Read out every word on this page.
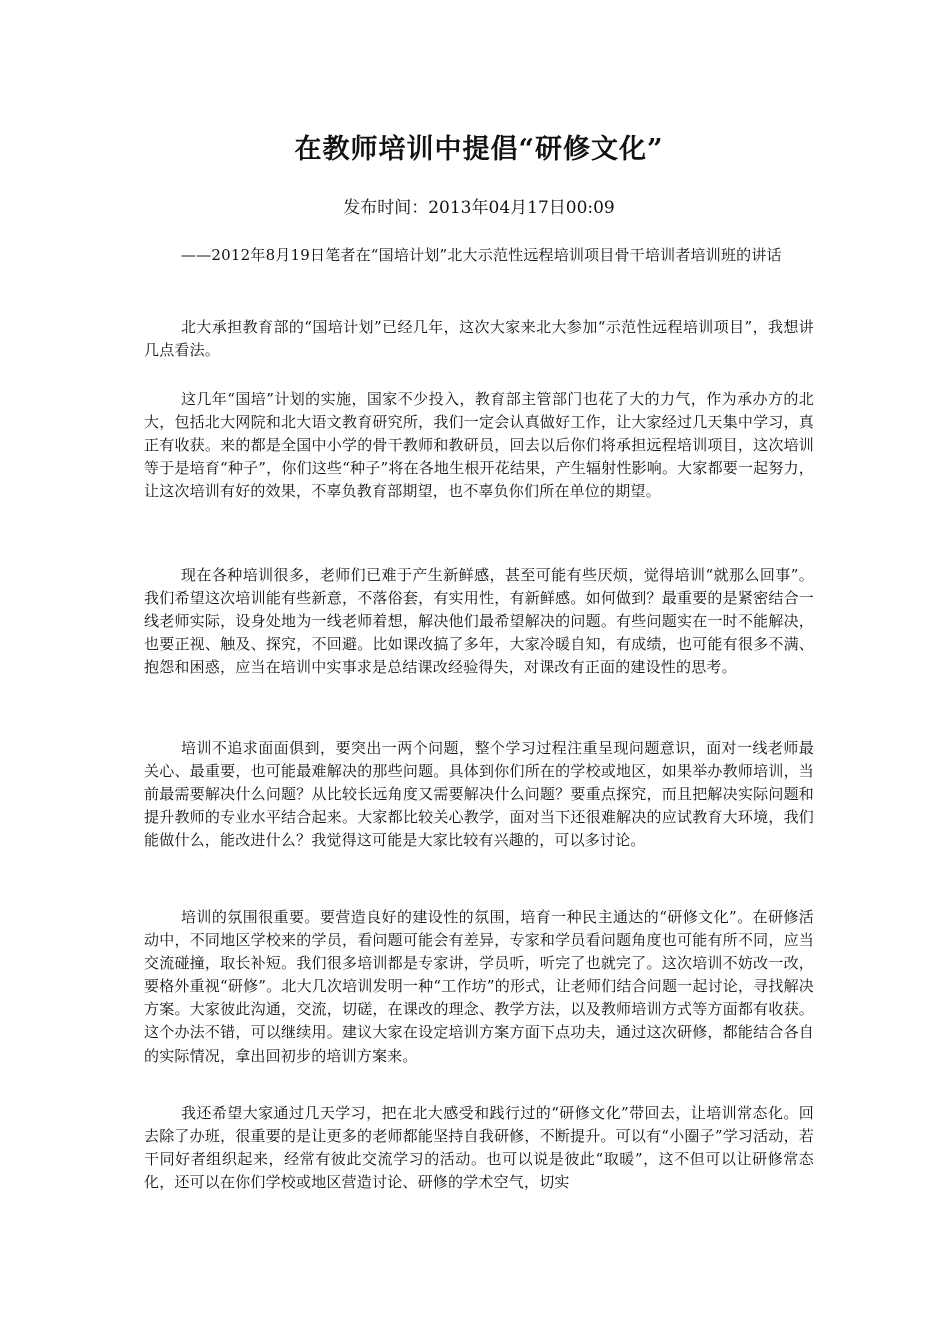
在教师培训中提倡“研修文化”

发布时间：2013年04月17日00:09

——2012年8月19日笔者在“国培计划”北大示范性远程培训项目骨干培训者培训班的讲话

北大承担教育部的“国培计划”已经几年，这次大家来北大参加“示范性远程培训项目”，我想讲几点看法。

这几年“国培”计划的实施，国家不少投入，教育部主管部门也花了大的力气，作为承办方的北大，包括北大网院和北大语文教育研究所，我们一定会认真做好工作，让大家经过几天集中学习，真正有收获。来的都是全国中小学的骨干教师和教研员，回去以后你们将承担远程培训项目，这次培训等于是培育“种子”，你们这些“种子”将在各地生根开花结果，产生辐射性影响。大家都要一起努力，让这次培训有好的效果，不辜负教育部期望，也不辜负你们所在单位的期望。

现在各种培训很多，老师们已难于产生新鲜感，甚至可能有些厌烦，觉得培训“就那么回事”。我们希望这次培训能有些新意，不落俗套，有实用性，有新鲜感。如何做到？最重要的是紧密结合一线老师实际，设身处地为一线老师着想，解决他们最希望解决的问题。有些问题实在一时不能解决，也要正视、触及、探究，不回避。比如课改搞了多年，大家冷暖自知，有成绩，也可能有很多不满、抱怨和困惑，应当在培训中实事求是总结课改经验得失，对课改有正面的建设性的思考。

培训不追求面面俱到，要突出一两个问题，整个学习过程注重呈现问题意识，面对一线老师最关心、最重要，也可能最难解决的那些问题。具体到你们所在的学校或地区，如果举办教师培训，当前最需要解决什么问题？从比较长远角度又需要解决什么问题？要重点探究，而且把解决实际问题和提升教师的专业水平结合起来。大家都比较关心教学，面对当下还很难解决的应试教育大环境，我们能做什么，能改进什么？我觉得这可能是大家比较有兴趣的，可以多讨论。

培训的氛围很重要。要营造良好的建设性的氛围，培育一种民主通达的“研修文化”。在研修活动中，不同地区学校来的学员，看问题可能会有差异，专家和学员看问题角度也可能有所不同，应当交流碰撞，取长补短。我们很多培训都是专家讲，学员听，听完了也就完了。这次培训不妨改一改，要格外重视“研修”。北大几次培训发明一种“工作坊”的形式，让老师们结合问题一起讨论，寻找解决方案。大家彼此沟通，交流，切磋，在课改的理念、教学方法，以及教师培训方式等方面都有收获。这个办法不错，可以继续用。建议大家在设定培训方案方面下点功夫，通过这次研修，都能结合各自的实际情况，拿出回初步的培训方案来。

我还希望大家通过几天学习，把在北大感受和践行过的“研修文化”带回去，让培训常态化。回去除了办班，很重要的是让更多的老师都能坚持自我研修，不断提升。可以有“小圈子”学习活动，若干同好者组织起来，经常有彼此交流学习的活动。也可以说是彼此“取暖”，这不但可以让研修常态化，还可以在你们学校或地区营造讨论、研修的学术空气，切实
